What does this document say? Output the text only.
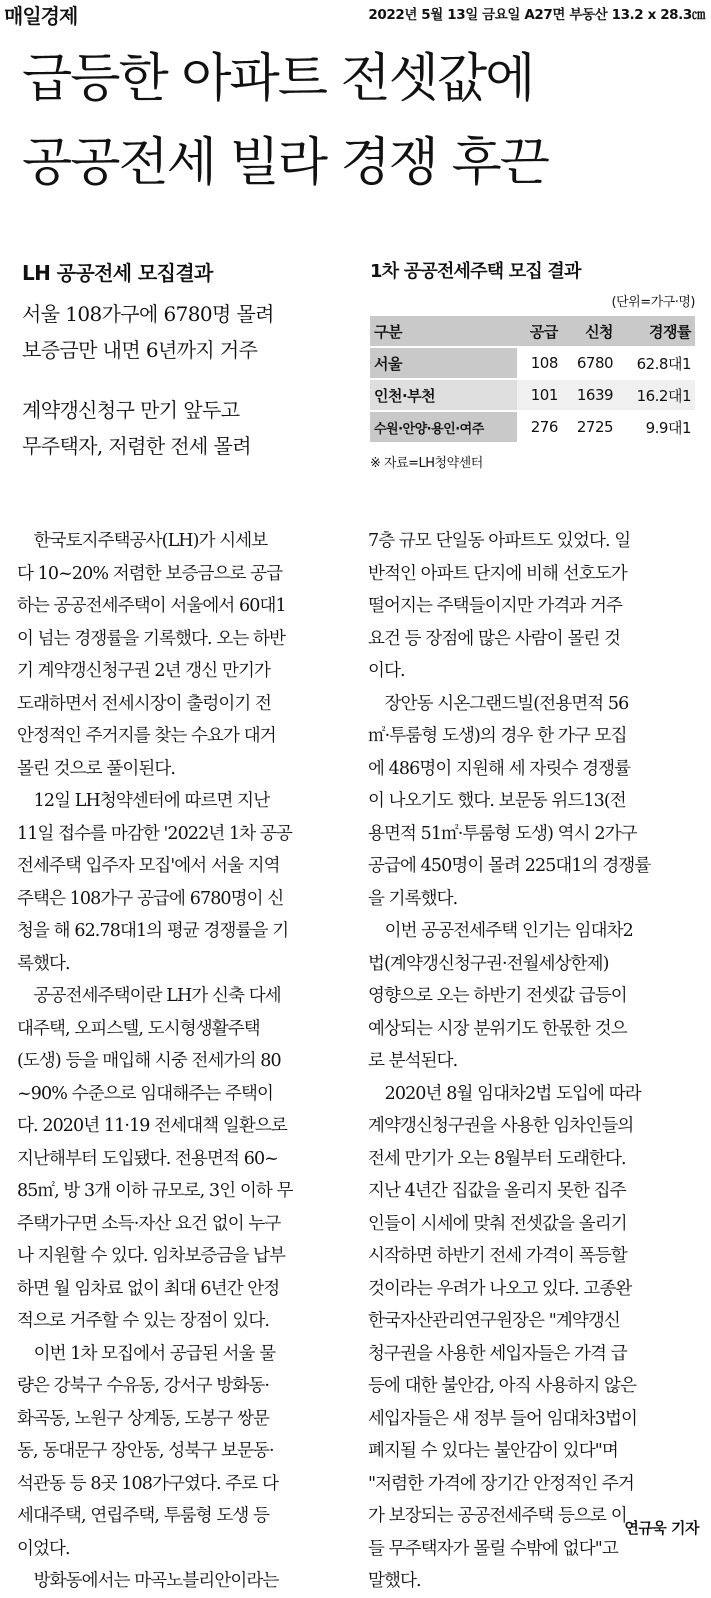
매일경제	2022년 5월 13일 금요일 A27면 부동산 13.2 x 28.3㎝
급등한 아파트 전셋값에
공공전세 빌라 경쟁 후끈
LH 공공전세 모집결과
서울 108가구에 6780명 몰려
보증금만 내면 6년까지 거주
계약갱신청구 만기 앞두고
무주택자, 저렴한 전세 몰려
1차 공공전세주택 모집 결과
(단위=가구·명)
구분	공급	신청	경쟁률
서울	108	6780	62.8대1
인천·부천	101	1639	16.2대1
수원·안양·용인·여주	276	2725	9.9대1
※ 자료=LH청약센터
　한국토지주택공사(LH)가 시세보
다 10~20% 저렴한 보증금으로 공급
하는 공공전세주택이 서울에서 60대1
이 넘는 경쟁률을 기록했다. 오는 하반
기 계약갱신청구권 2년 갱신 만기가
도래하면서 전세시장이 출렁이기 전
안정적인 주거지를 찾는 수요가 대거
몰린 것으로 풀이된다.
　12일 LH청약센터에 따르면 지난
11일 접수를 마감한 '2022년 1차 공공
전세주택 입주자 모집'에서 서울 지역
주택은 108가구 공급에 6780명이 신
청을 해 62.78대1의 평균 경쟁률을 기
록했다.
　공공전세주택이란 LH가 신축 다세
대주택, 오피스텔, 도시형생활주택
(도생) 등을 매입해 시중 전세가의 80
~90% 수준으로 임대해주는 주택이
다. 2020년 11·19 전세대책 일환으로
지난해부터 도입됐다. 전용면적 60~
85㎡, 방 3개 이하 규모로, 3인 이하 무
주택가구면 소득·자산 요건 없이 누구
나 지원할 수 있다. 임차보증금을 납부
하면 월 임차료 없이 최대 6년간 안정
적으로 거주할 수 있는 장점이 있다.
　이번 1차 모집에서 공급된 서울 물
량은 강북구 수유동, 강서구 방화동·
화곡동, 노원구 상계동, 도봉구 쌍문
동, 동대문구 장안동, 성북구 보문동·
석관동 등 8곳 108가구였다. 주로 다
세대주택, 연립주택, 투룸형 도생 등
이었다.
　방화동에서는 마곡노블리안이라는
7층 규모 단일동 아파트도 있었다. 일
반적인 아파트 단지에 비해 선호도가
떨어지는 주택들이지만 가격과 거주
요건 등 장점에 많은 사람이 몰린 것
이다.
　장안동 시온그랜드빌(전용면적 56
㎡·투룸형 도생)의 경우 한 가구 모집
에 486명이 지원해 세 자릿수 경쟁률
이 나오기도 했다. 보문동 위드13(전
용면적 51㎡·투룸형 도생) 역시 2가구
공급에 450명이 몰려 225대1의 경쟁률
을 기록했다.
　이번 공공전세주택 인기는 임대차2
법(계약갱신청구권·전월세상한제)
영향으로 오는 하반기 전셋값 급등이
예상되는 시장 분위기도 한몫한 것으
로 분석된다.
　2020년 8월 임대차2법 도입에 따라
계약갱신청구권을 사용한 임차인들의
전세 만기가 오는 8월부터 도래한다.
지난 4년간 집값을 올리지 못한 집주
인들이 시세에 맞춰 전셋값을 올리기
시작하면 하반기 전세 가격이 폭등할
것이라는 우려가 나오고 있다. 고종완
한국자산관리연구원장은 "계약갱신
청구권을 사용한 세입자들은 가격 급
등에 대한 불안감, 아직 사용하지 않은
세입자들은 새 정부 들어 임대차3법이
폐지될 수 있다는 불안감이 있다"며
"저렴한 가격에 장기간 안정적인 주거
가 보장되는 공공전세주택 등으로 이
들 무주택자가 몰릴 수밖에 없다"고
말했다.
연규욱 기자
